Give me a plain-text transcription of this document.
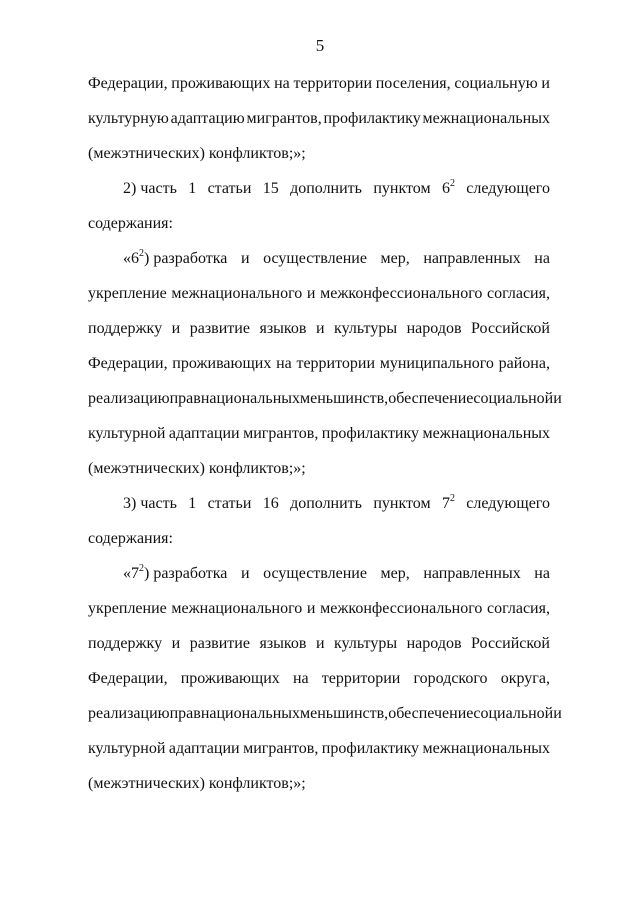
5
Федерации, проживающих на территории поселения, социальную и
культурную адаптацию мигрантов, профилактику межнациональных
(межэтнических) конфликтов;»;
2) часть 1 статьи 15 дополнить пунктом $6^2$ следующего
содержания:
«$6^2$) разработка и осуществление мер, направленных на
укрепление межнационального и межконфессионального согласия,
поддержку и развитие языков и культуры народов Российской
Федерации, проживающих на территории муниципального района,
реализацию прав национальных меньшинств, обеспечение социальной и
культурной адаптации мигрантов, профилактику межнациональных
(межэтнических) конфликтов;»;
3) часть 1 статьи 16 дополнить пунктом $7^2$ следующего
содержания:
«$7^2$) разработка и осуществление мер, направленных на
укрепление межнационального и межконфессионального согласия,
поддержку и развитие языков и культуры народов Российской
Федерации, проживающих на территории городского округа,
реализацию прав национальных меньшинств, обеспечение социальной и
культурной адаптации мигрантов, профилактику межнациональных
(межэтнических) конфликтов;»;
